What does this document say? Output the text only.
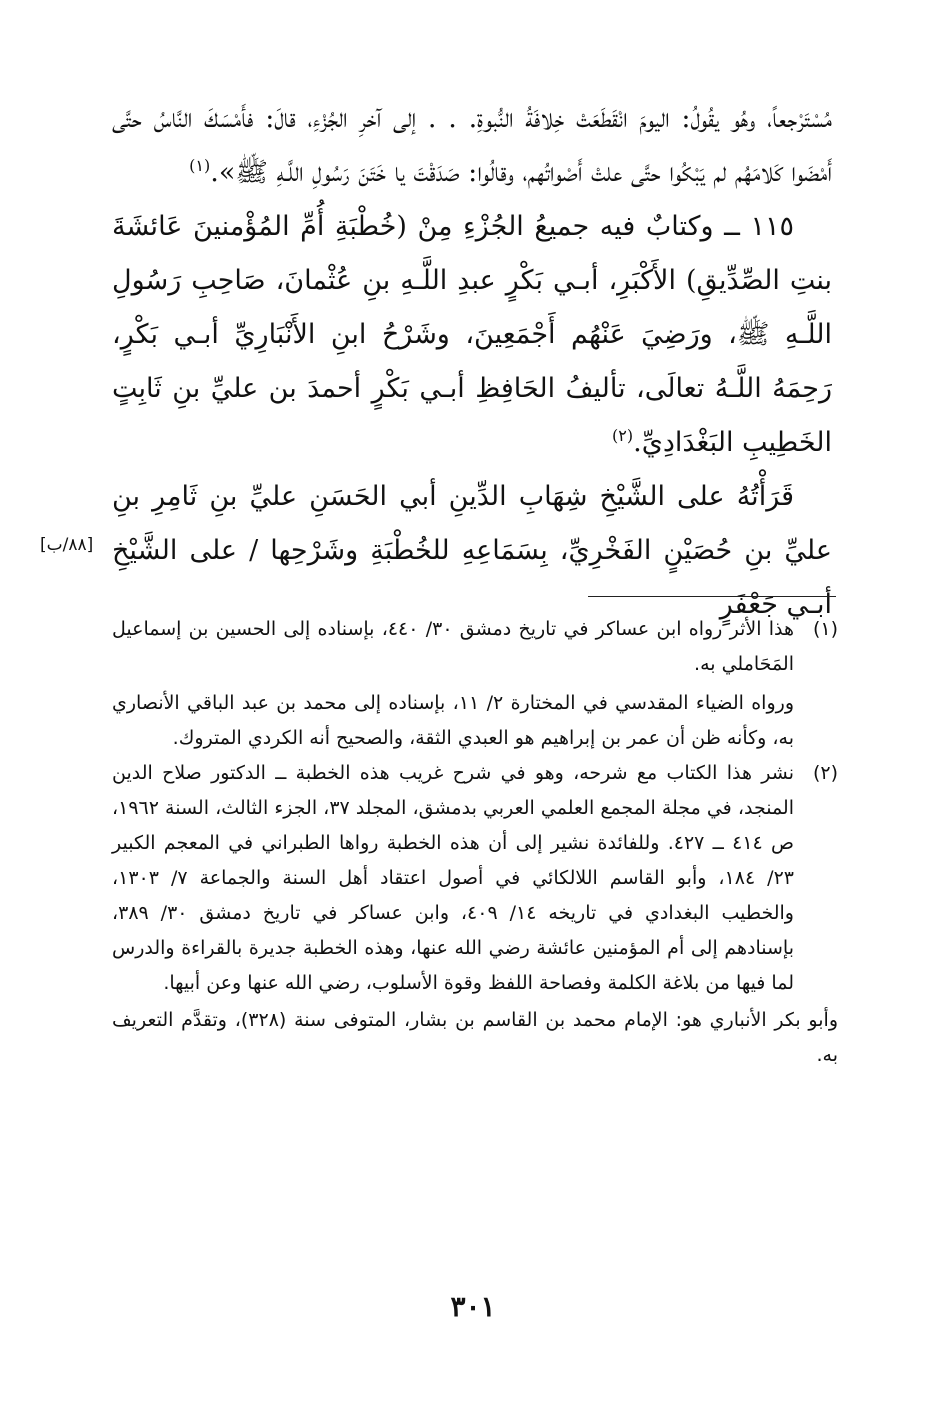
مُسْتَرْجعاً، وهُو يقُولُ: اليومَ انْقَطَعَتْ خِلافَةُ النُّبوةِ. . . إلى آخرِ الجُزْءِ، قالَ: فأَمْسَكَ النَّاسُ حتَّى أَمْضَوا كَلامَهُم لم يَبْكُوا حتَّى علتْ أَصْواتُهم، وقالُوا: صَدَقْتَ يا خَتَنَ رَسُولِ اللَّـهِ ﷺ».$^{(١)}$

١١٥ ــ وكتابٌ فيه جميعُ الجُزْءِ مِنْ (خُطْبَةِ أُمِّ المُؤْمنينَ عَائشَةَ بنتِ الصِّدِّيقِ) الأَكْبَرِ، أبـي بَكْرٍ عبدِ اللَّـهِ بنِ عُثْمانَ، صَاحِبِ رَسُولِ اللَّـهِ ﷺ، ورَضِيَ عَنْهُم أَجْمَعِينَ، وشَرْحُ ابنِ الأَنْبَارِيِّ أبـي بَكْرٍ، رَحِمَهُ اللَّـهُ تعالَى، تأليفُ الحَافِظِ أبـي بَكْرٍ أحمدَ بن عليِّ بنِ ثَابِتٍ الخَطِيبِ البَغْدَادِيِّ.$^{(٢)}$

قَرَأْتُهُ على الشَّيْخِ شِهَابِ الدِّينِ أبي الحَسَنِ عليِّ بنِ ثَامِرِ بنِ عليِّ بنِ حُصَيْنٍ الفَخْرِيِّ، بِسَمَاعِهِ للخُطْبَةِ وشَرْحِها / على الشَّيْخِ أبـي جَعْفَرٍ

[٨٨/ب]
(١)

هذا الأثر رواه ابن عساكر في تاريخ دمشق ٣٠/ ٤٤٠، بإسناده إلى الحسين بن إسماعيل المَحَاملي به.

ورواه الضياء المقدسي في المختارة ٢/ ١١، بإسناده إلى محمد بن عبد الباقي الأنصاري به، وكأنه ظن أن عمر بن إبراهيم هو العبدي الثقة، والصحيح أنه الكردي المتروك.

(٢)

نشر هذا الكتاب مع شرحه، وهو في شرح غريب هذه الخطبة ــ الدكتور صلاح الدين المنجد، في مجلة المجمع العلمي العربي بدمشق، المجلد ٣٧، الجزء الثالث، السنة ١٩٦٢، ص ٤١٤ ــ ٤٢٧. وللفائدة نشير إلى أن هذه الخطبة رواها الطبراني في المعجم الكبير ٢٣/ ١٨٤، وأبو القاسم اللالكائي في أصول اعتقاد أهل السنة والجماعة ٧/ ١٣٠٣، والخطيب البغدادي في تاريخه ١٤/ ٤٠٩، وابن عساكر في تاريخ دمشق ٣٠/ ٣٨٩، بإسنادهم إلى أم المؤمنين عائشة رضي الله عنها، وهذه الخطبة جديرة بالقراءة والدرس لما فيها من بلاغة الكلمة وفصاحة اللفظ وقوة الأسلوب، رضي الله عنها وعن أبيها.

وأبو بكر الأنباري هو: الإمام محمد بن القاسم بن بشار، المتوفى سنة (٣٢٨)، وتقدَّم التعريف به.

٣٠١
